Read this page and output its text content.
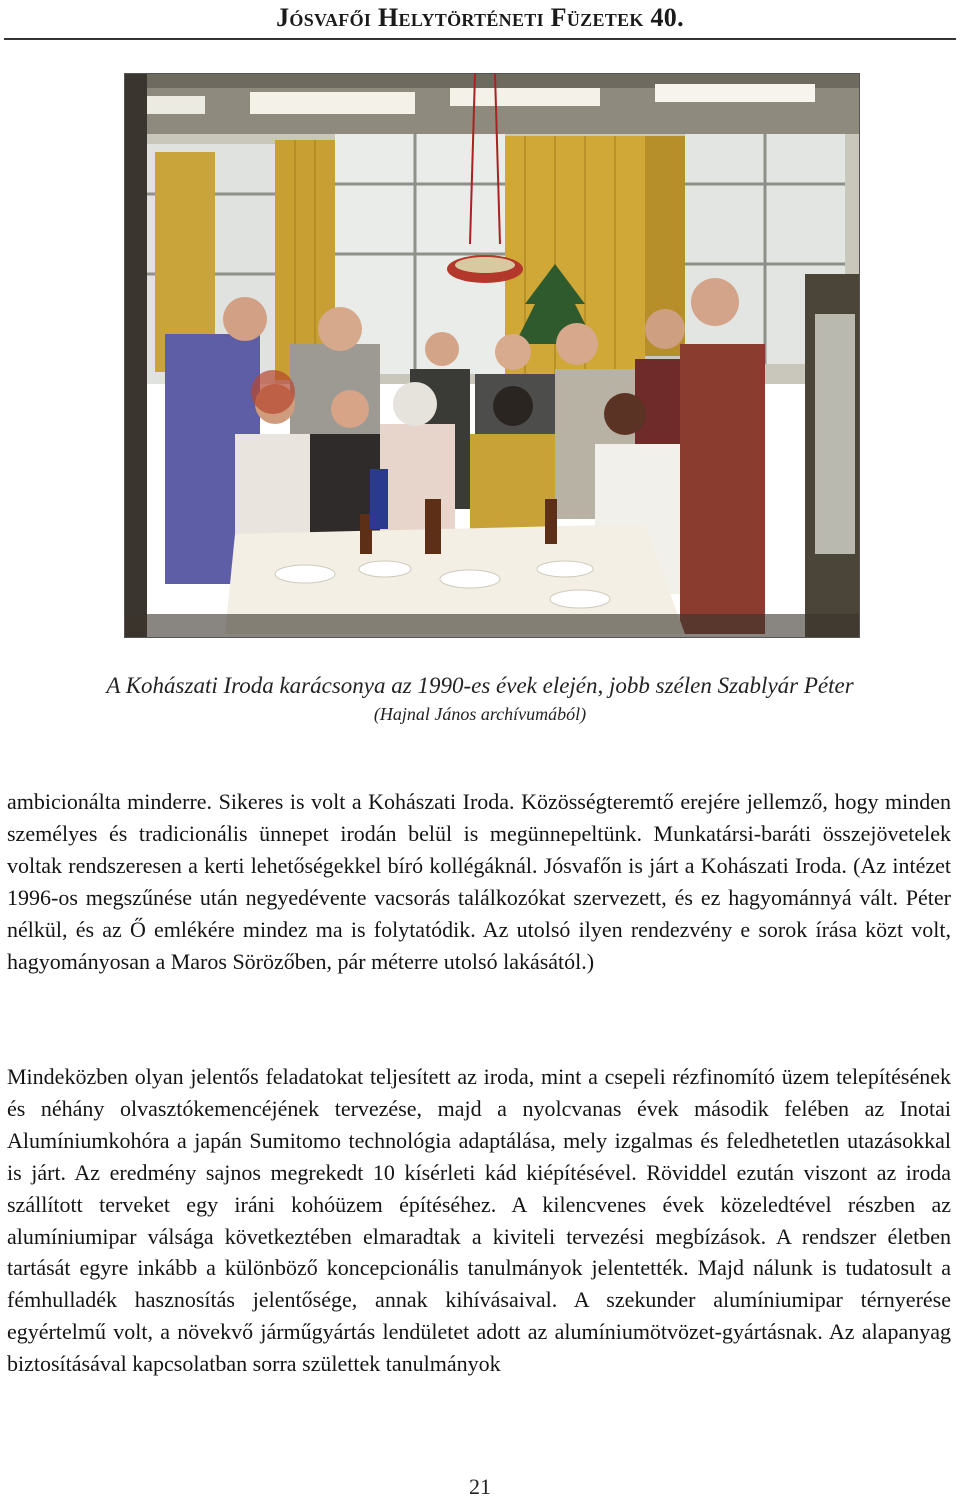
Jósvafői Helytörténeti Füzetek 40.
A Kohászati Iroda karácsonya az 1990-es évek elején, jobb szélen Szablyár Péter
(Hajnal János archívumából)

ambicionálta minderre. Sikeres is volt a Kohászati Iroda. Közösségteremtő erejére jellemző, hogy minden személyes és tradicionális ünnepet irodán belül is megünnepeltünk. Munkatársi-baráti összejövetelek voltak rendszeresen a kerti lehetőségekkel bíró kollégáknál. Jósvafőn is járt a Kohászati Iroda. (Az intézet 1996-os megszűnése után negyedévente vacsorás találkozókat szervezett, és ez hagyománnyá vált. Péter nélkül, és az Ő emlékére mindez ma is folytatódik. Az utolsó ilyen rendezvény e sorok írása közt volt, hagyományosan a Maros Sörözőben, pár méterre utolsó lakásától.)

Mindeközben olyan jelentős feladatokat teljesített az iroda, mint a csepeli rézfinomító üzem telepítésének és néhány olvasztókemencéjének tervezése, majd a nyolcvanas évek második felében az Inotai Alumíniumkohóra a japán Sumitomo technológia adaptálása, mely izgalmas és feledhetetlen utazásokkal is járt. Az eredmény sajnos megrekedt 10 kísérleti kád kiépítésével. Röviddel ezután viszont az iroda szállított terveket egy iráni kohóüzem építéséhez. A kilencvenes évek közeledtével részben az alumíniumipar válsága következtében elmaradtak a kiviteli tervezési megbízások. A rendszer életben tartását egyre inkább a különböző koncepcionális tanulmányok jelentették. Majd nálunk is tudatosult a fémhulladék hasznosítás jelentősége, annak kihívásaival. A szekunder alumíniumipar térnyerése egyértelmű volt, a növekvő járműgyártás lendületet adott az alumíniumötvözet-gyártásnak. Az alapanyag biztosításával kapcsolatban sorra születtek tanulmányok

21
